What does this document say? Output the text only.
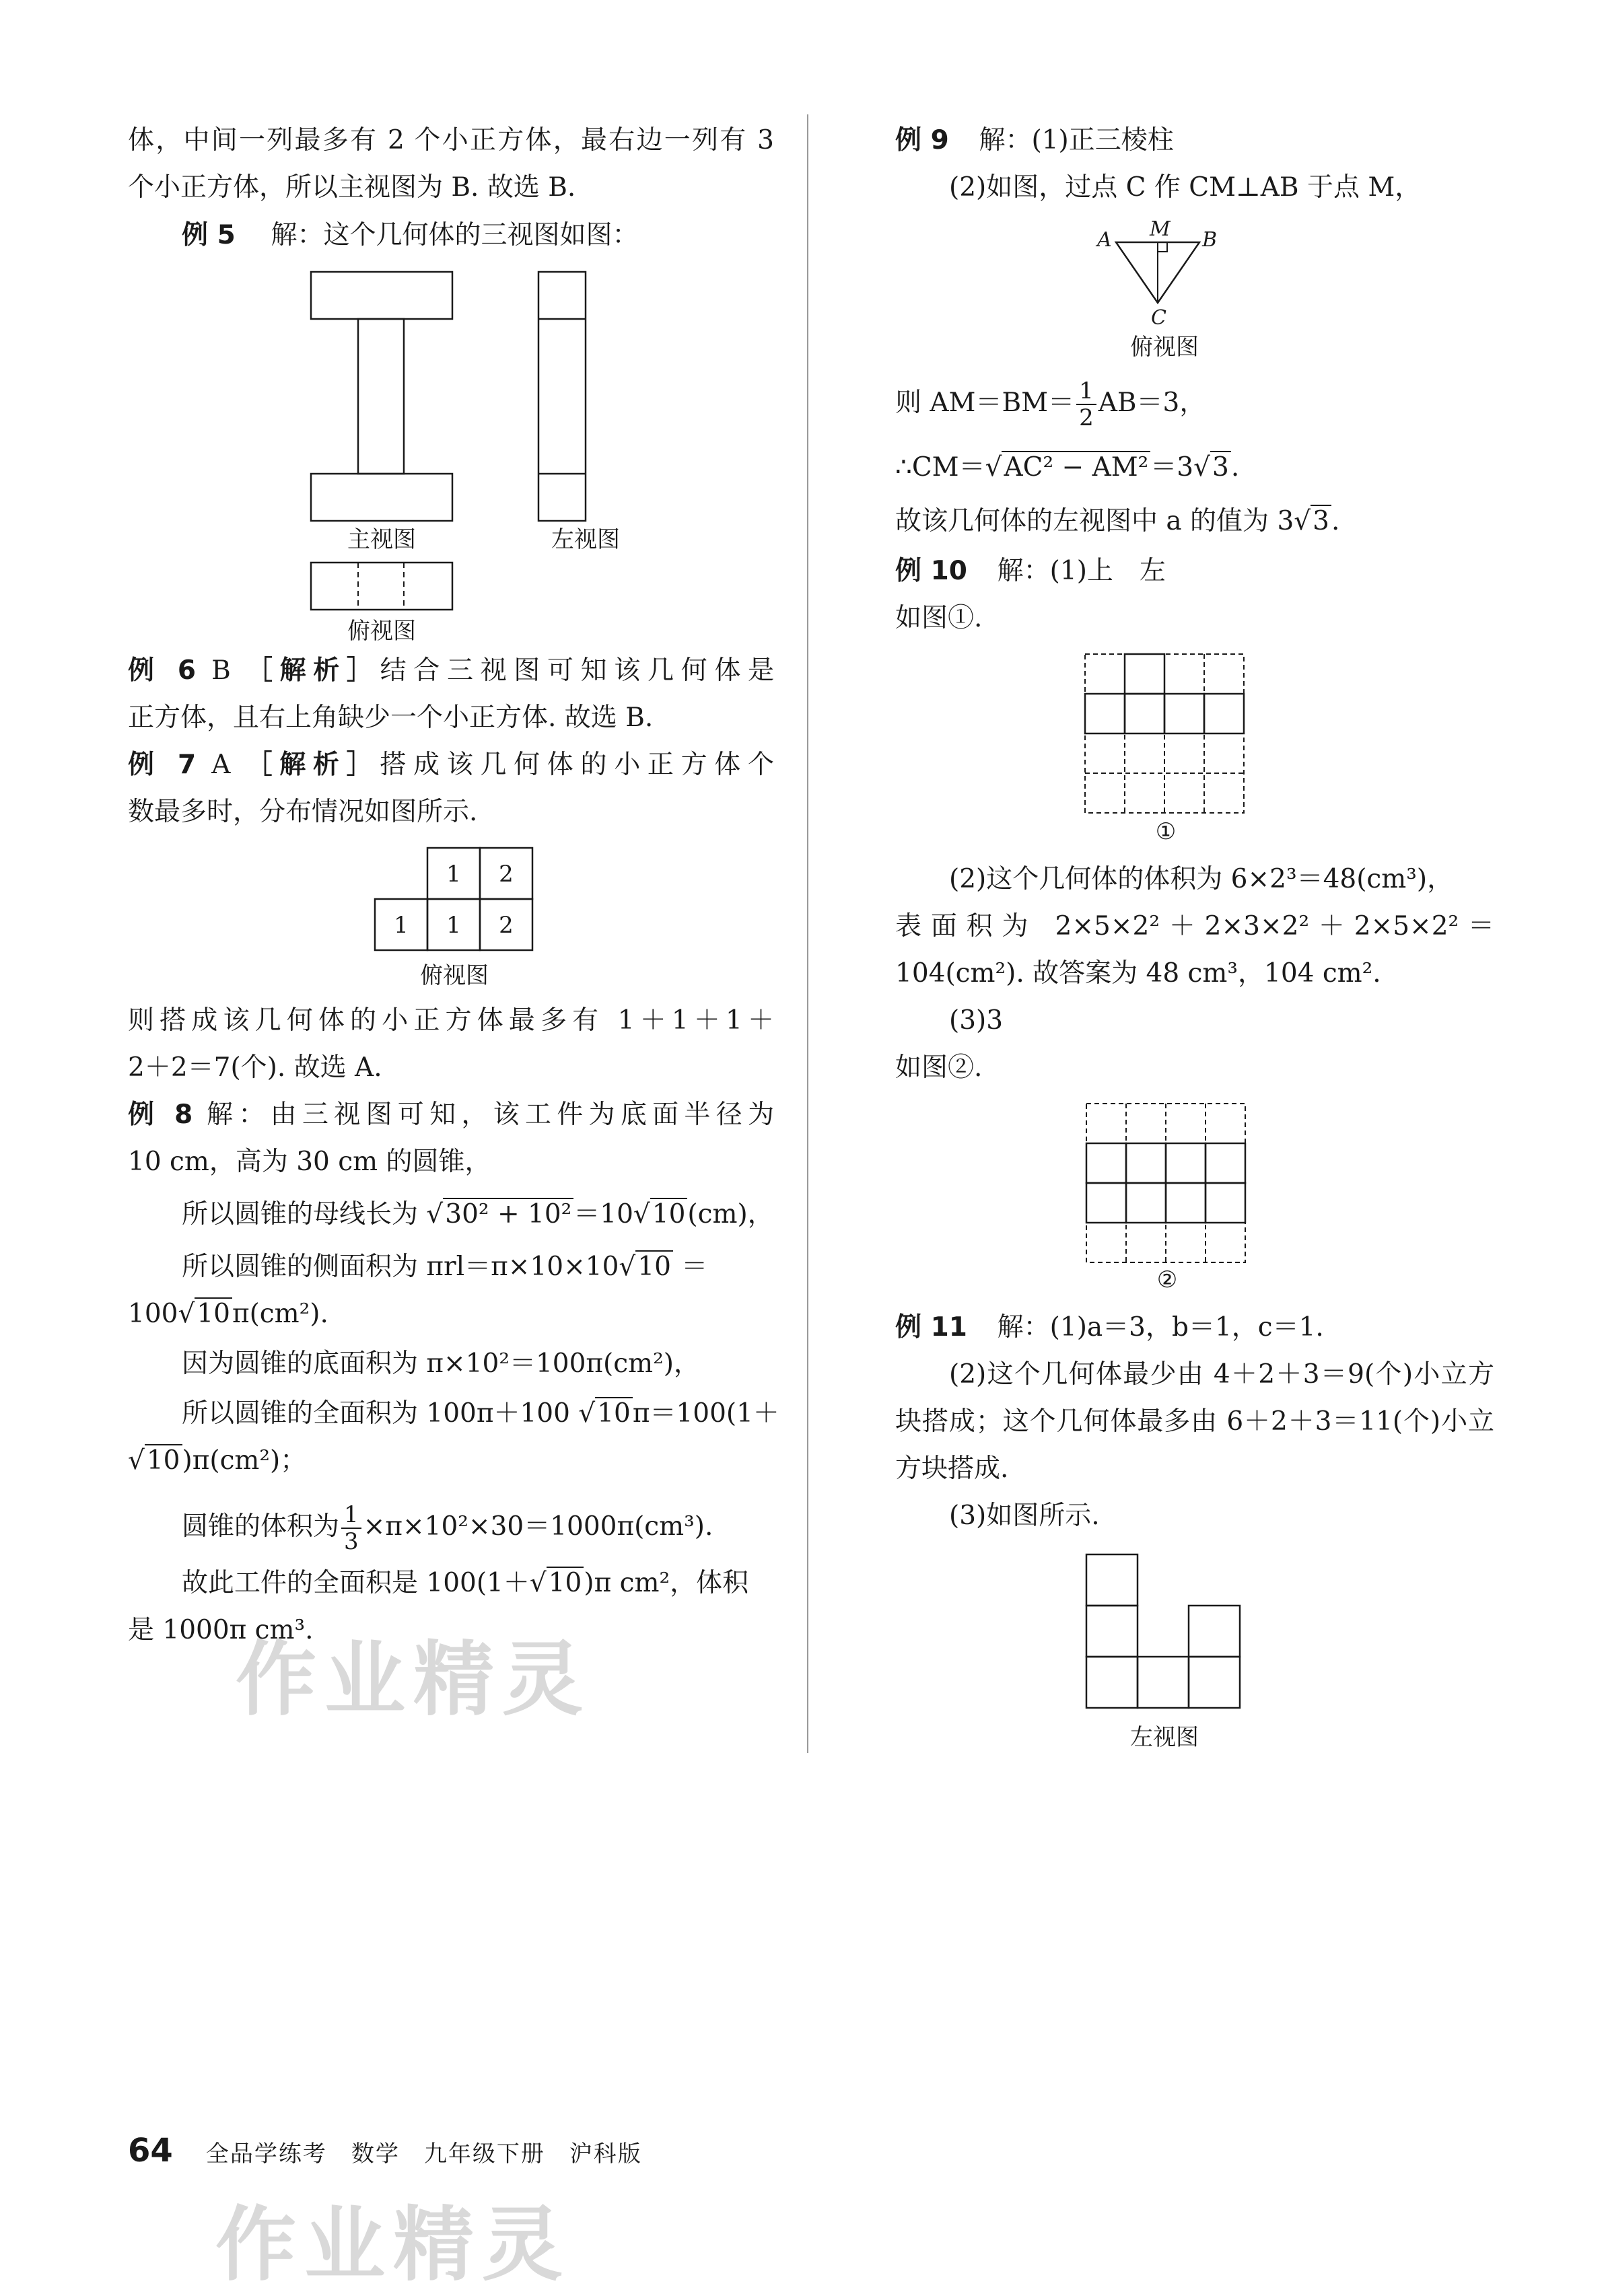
体，中间一列最多有 2 个小正方体，最右边一列有 3
个小正方体，所以主视图为 B. 故选 B.
例 5 解：这个几何体的三视图如图：
主视图	左视图
俯视图
例 6 B ［解析］结合三视图可知该几何体是
正方体，且右上角缺少一个小正方体. 故选 B.
例 7 A ［解析］搭成该几何体的小正方体个
数最多时，分布情况如图所示.
1 2
1 1 2
俯视图
则搭成该几何体的小正方体最多有 1＋1＋1＋
2＋2＝7(个). 故选 A.
例 8 解：由三视图可知，该工件为底面半径为
10 cm，高为 30 cm 的圆锥，
所以圆锥的母线长为 √30² + 10²＝10√10(cm)，
所以圆锥的侧面积为 πrl＝π×10×10√10 ＝
100√10π(cm²).
因为圆锥的底面积为 π×10²＝100π(cm²)，
所以圆锥的全面积为 100π＋100 √10π＝100(1＋
√10)π(cm²)；
圆锥的体积为 $\frac{1}{3} \times\pi\times 10^2\times 30=1000\pi(cm^3)$.
故此工件的全面积是 100(1＋√10)π cm²，体积
是 1000π cm³.
例 9 解：(1)正三棱柱
(2)如图，过点 C 作 CM⊥AB 于点 M，
A M B
C
俯视图
则 $AM=BM= \frac{1}{2} AB=3$，
∴CM＝√AC² − AM²＝3√3.
故该几何体的左视图中 a 的值为 3√3.
例 10 解：(1)上　左
如图①.
①
(2)这个几何体的体积为 6×2³＝48(cm³)，
表面积为 2×5×2²＋2×3×2²＋2×5×2²＝
104(cm²). 故答案为 48 cm³，104 cm².
(3)3
如图②.
②
例 11 解：(1)a＝3，b＝1，c＝1.
(2)这个几何体最少由 4＋2＋3＝9(个)小立方
块搭成；这个几何体最多由 6＋2＋3＝11(个)小立
方块搭成.
(3)如图所示.
左视图
作业精灵
作业精灵
64 全品学练考　数学　九年级下册　沪科版
